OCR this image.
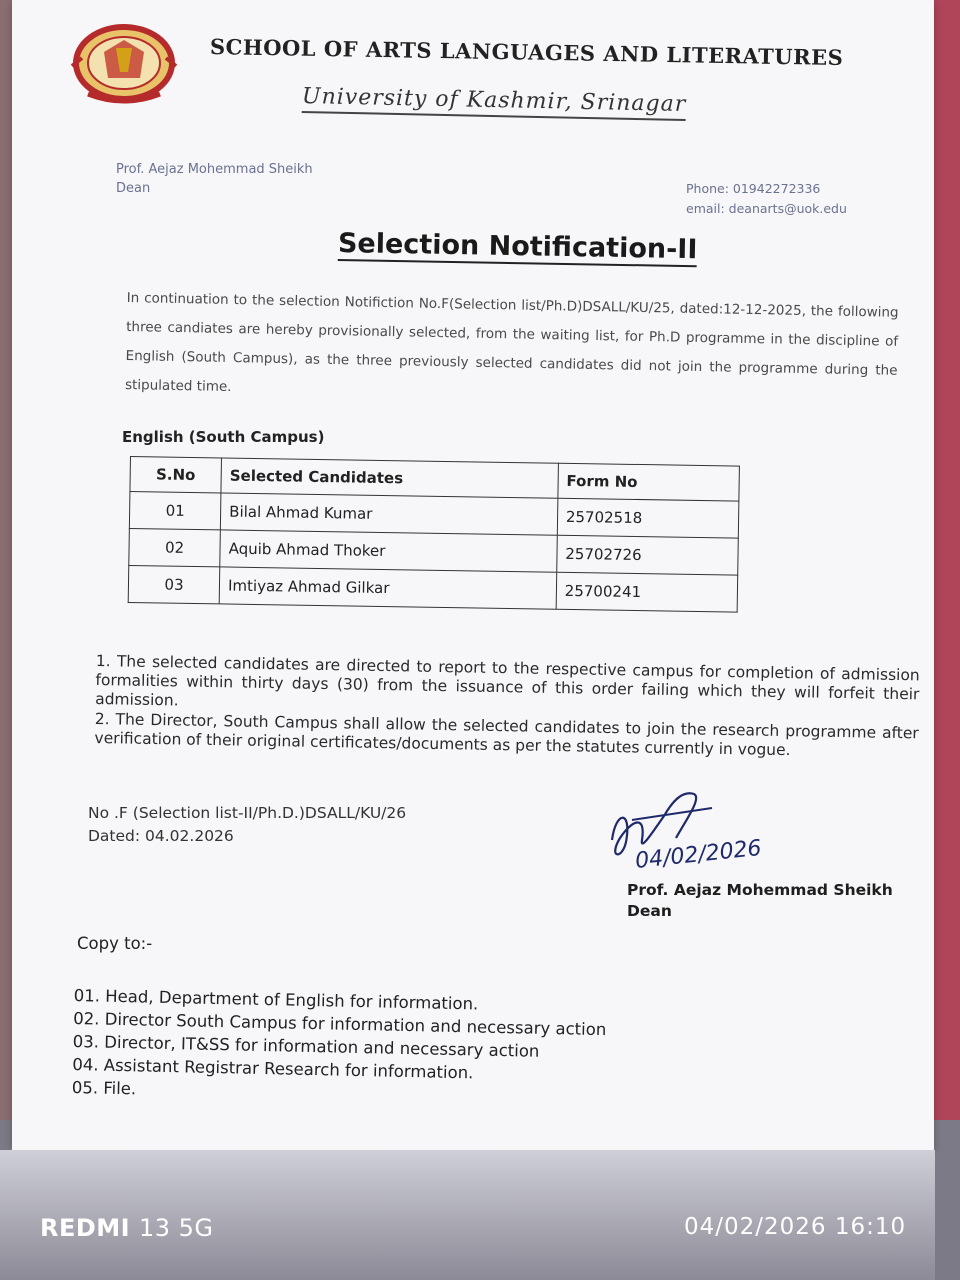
SCHOOL OF ARTS LANGUAGES AND LITERATURES
University of Kashmir, Srinagar
Prof. Aejaz Mohemmad Sheikh
Dean	Phone: 01942272336
email: deanarts@uok.edu
Selection Notification-II
In continuation to the selection Notifiction No.F(Selection list/Ph.D)DSALL/KU/25, dated:12-12-2025, the following three candiates are hereby provisionally selected, from the waiting list, for Ph.D programme in the discipline of English (South Campus), as the three previously selected candidates did not join the programme during the stipulated time.
English (South Campus)
S.No	Selected Candidates	Form No
01	Bilal Ahmad Kumar	25702518
02	Aquib Ahmad Thoker	25702726
03	Imtiyaz Ahmad Gilkar	25700241

1. The selected candidates are directed to report to the respective campus for completion of admission formalities within thirty days (30) from the issuance of this order failing which they will forfeit their admission.

2. The Director, South Campus shall allow the selected candidates to join the research programme after verification of their original certificates/documents as per the statutes currently in vogue.

No .F (Selection list-II/Ph.D.)DSALL/KU/26
Dated: 04.02.2026	04/02/2026
Prof. Aejaz Mohemmad Sheikh
Dean
Copy to:-
01. Head, Department of English for information.
02. Director South Campus for information and necessary action
03. Director, IT&SS for information and necessary action
04. Assistant Registrar Research for information.
05. File.
REDMI 13 5G	04/02/2026 16:10
